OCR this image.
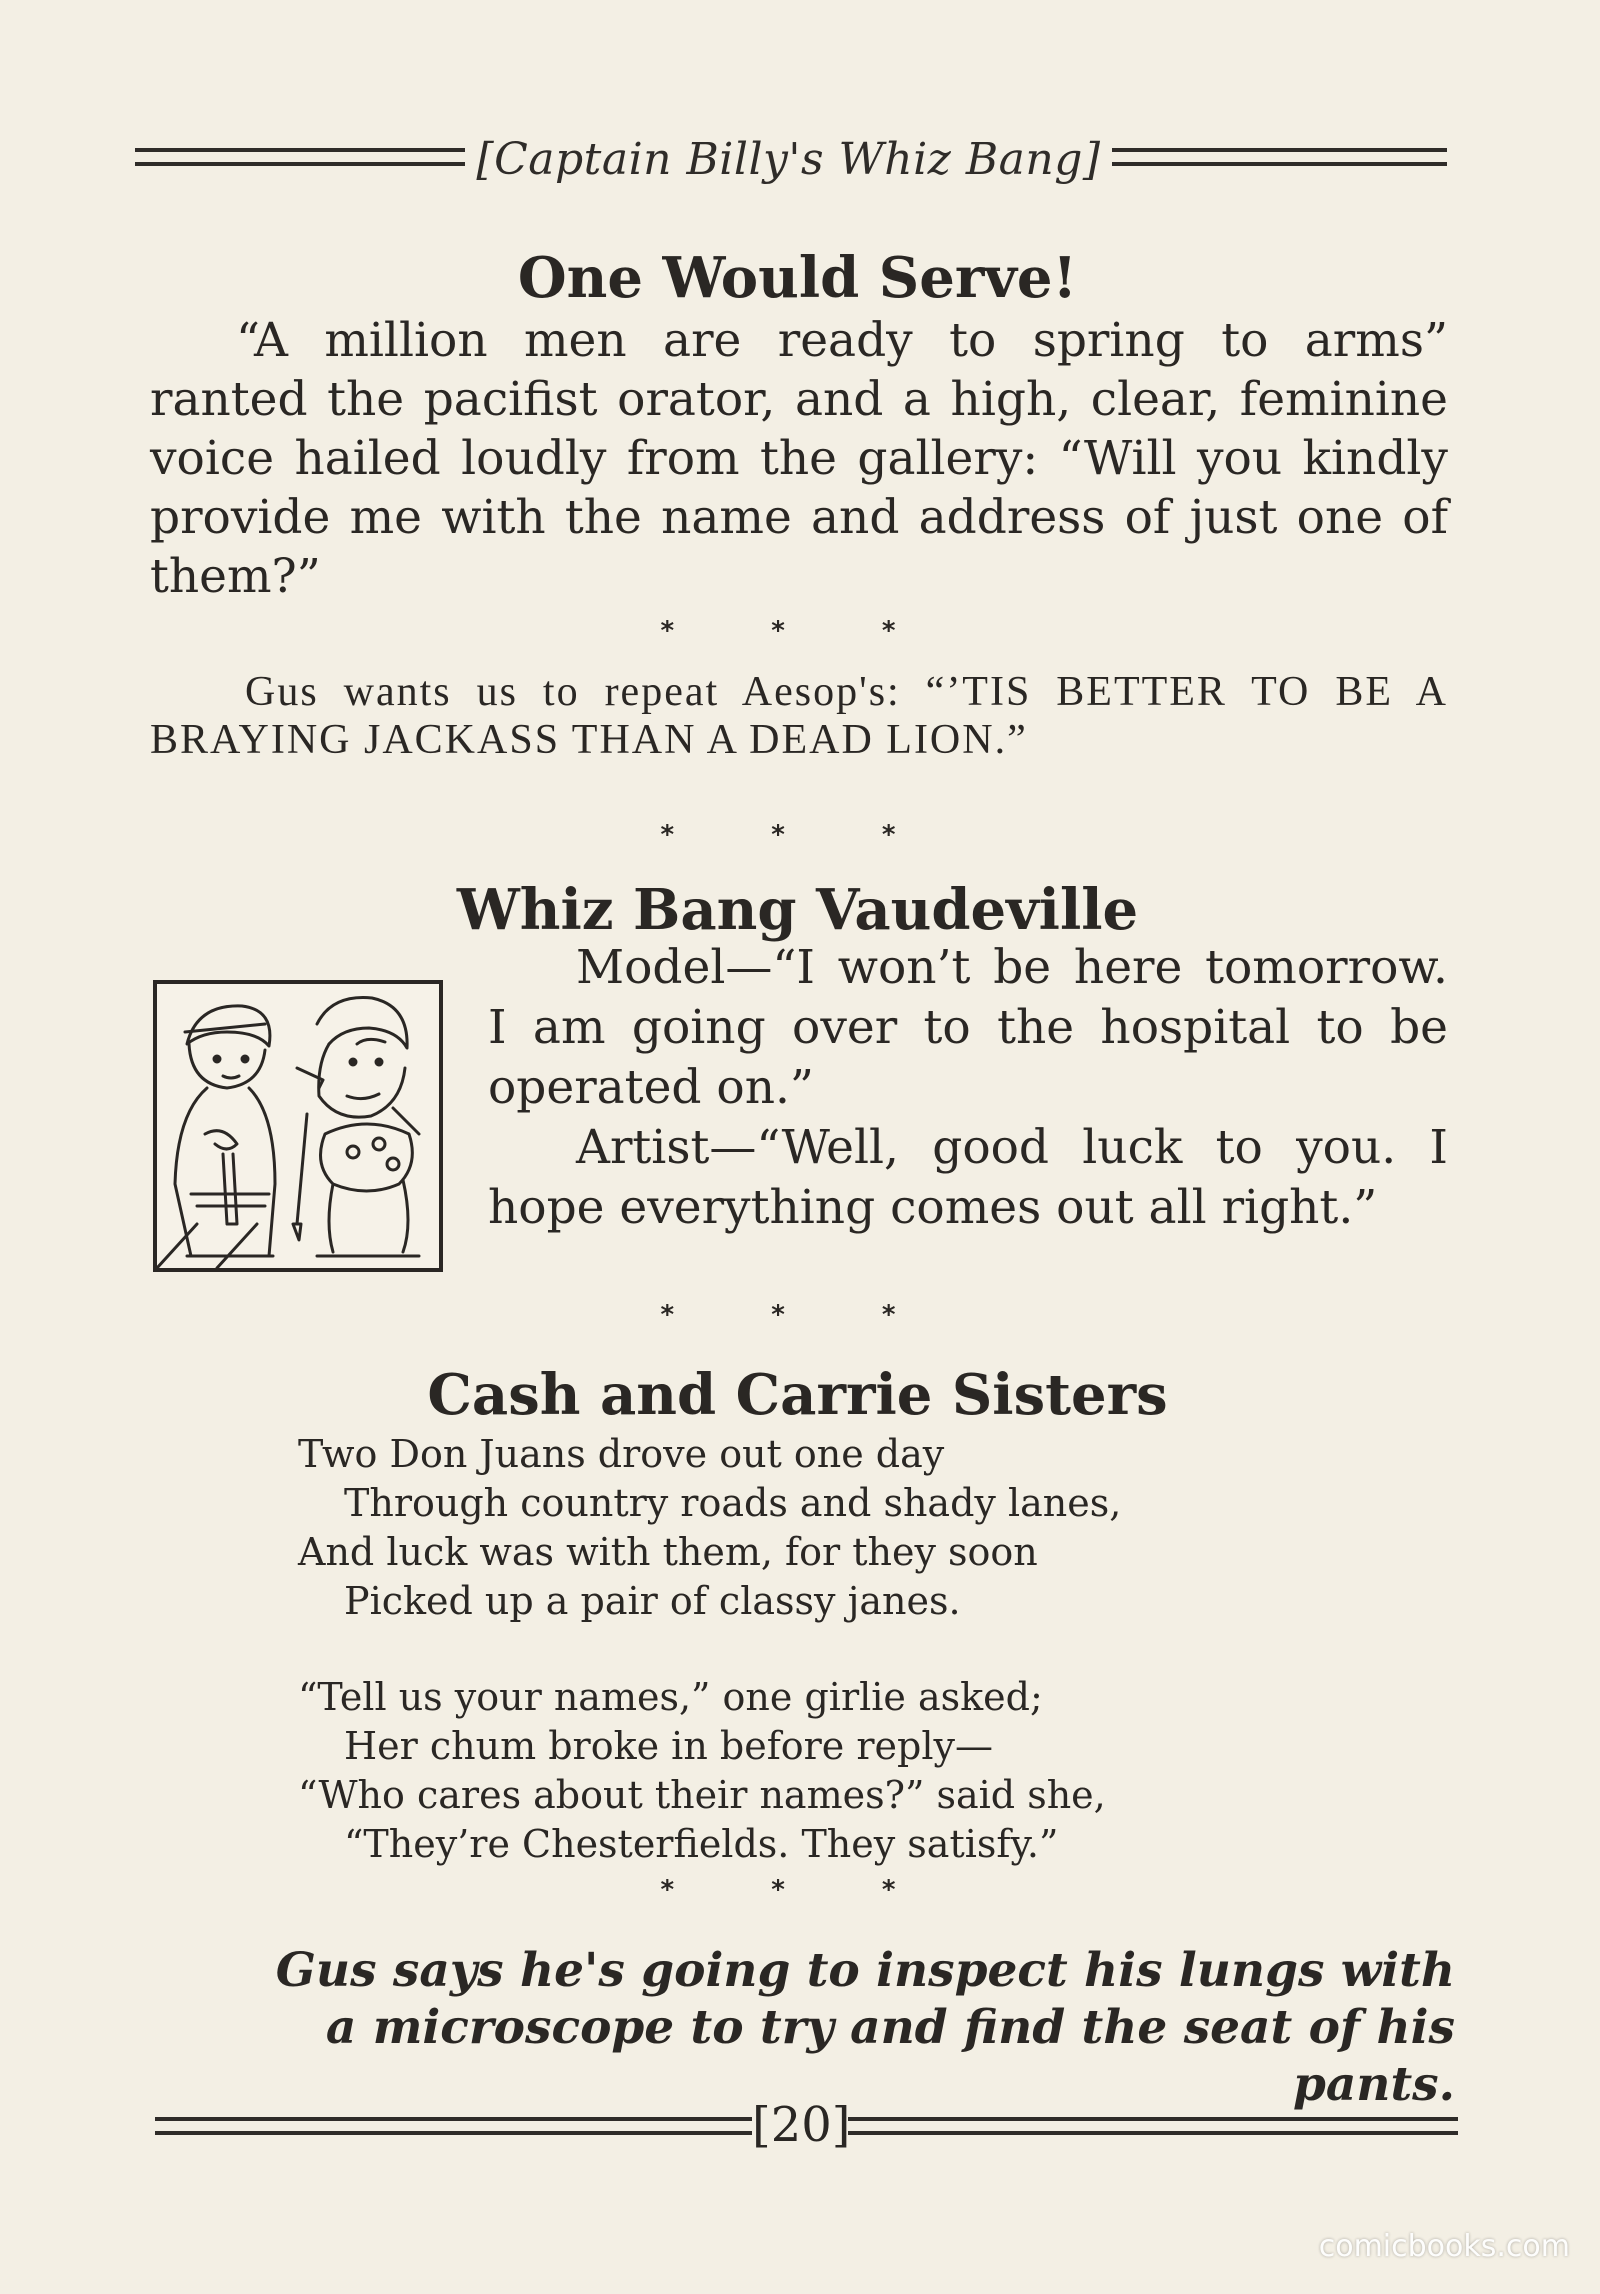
[Captain Billy's Whiz Bang]
One Would Serve!
“A million men are ready to spring to arms” ranted the pacifist orator, and a high, clear, feminine voice hailed loudly from the gallery: “Will you kindly provide me with the name and address of just one of them?”
* * *
Gus wants us to repeat Aesop's: “’TIS BETTER TO BE A BRAYING JACKASS THAN A DEAD LION.”
* * *
Whiz Bang Vaudeville

Model—“I won’t be here tomorrow. I am going over to the hospital to be operated on.”

Artist—“Well, good luck to you. I hope everything comes out all right.”

* * *
Cash and Carrie Sisters
Two Don Juans drove out one day
Through country roads and shady lanes,
And luck was with them, for they soon
Picked up a pair of classy janes.
“Tell us your names,” one girlie asked;
Her chum broke in before reply—
“Who cares about their names?” said she,
“They’re Chesterfields. They satisfy.”
* * *
Gus says he's going to inspect his lungs with
a microscope to try and find the seat of his pants.
[20]
comicbooks.com
